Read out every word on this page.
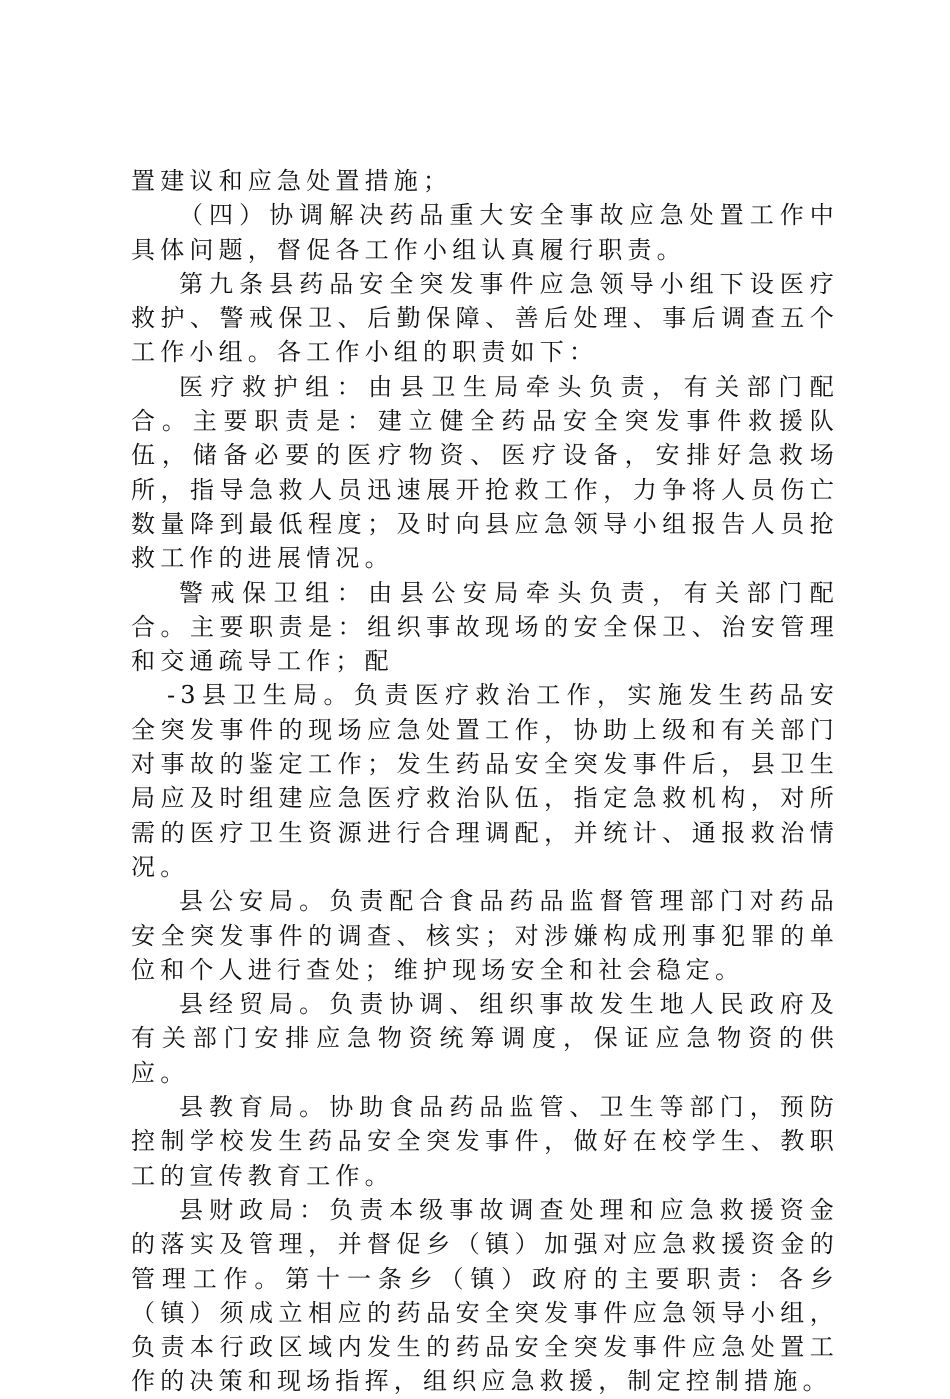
置建议和应急处置措施；

（四）协调解决药品重大安全事故应急处置工作中具体问题，督促各工作小组认真履行职责。

第九条县药品安全突发事件应急领导小组下设医疗救护、警戒保卫、后勤保障、善后处理、事后调查五个工作小组。各工作小组的职责如下：

医疗救护组：由县卫生局牵头负责，有关部门配合。主要职责是：建立健全药品安全突发事件救援队伍，储备必要的医疗物资、医疗设备，安排好急救场所，指导急救人员迅速展开抢救工作，力争将人员伤亡数量降到最低程度；及时向县应急领导小组报告人员抢救工作的进展情况。

警戒保卫组：由县公安局牵头负责，有关部门配合。主要职责是：组织事故现场的安全保卫、治安管理和交通疏导工作；配

-3县卫生局。负责医疗救治工作，实施发生药品安全突发事件的现场应急处置工作，协助上级和有关部门对事故的鉴定工作；发生药品安全突发事件后，县卫生局应及时组建应急医疗救治队伍，指定急救机构，对所需的医疗卫生资源进行合理调配，并统计、通报救治情况。

县公安局。负责配合食品药品监督管理部门对药品安全突发事件的调查、核实；对涉嫌构成刑事犯罪的单位和个人进行查处；维护现场安全和社会稳定。

县经贸局。负责协调、组织事故发生地人民政府及有关部门安排应急物资统筹调度，保证应急物资的供应。

县教育局。协助食品药品监管、卫生等部门，预防控制学校发生药品安全突发事件，做好在校学生、教职工的宣传教育工作。

县财政局：负责本级事故调查处理和应急救援资金的落实及管理，并督促乡（镇）加强对应急救援资金的管理工作。第十一条乡（镇）政府的主要职责：各乡（镇）须成立相应的药品安全突发事件应急领导小组，负责本行政区域内发生的药品安全突发事件应急处置工作的决策和现场指挥，组织应急救援，制定控制措施。
